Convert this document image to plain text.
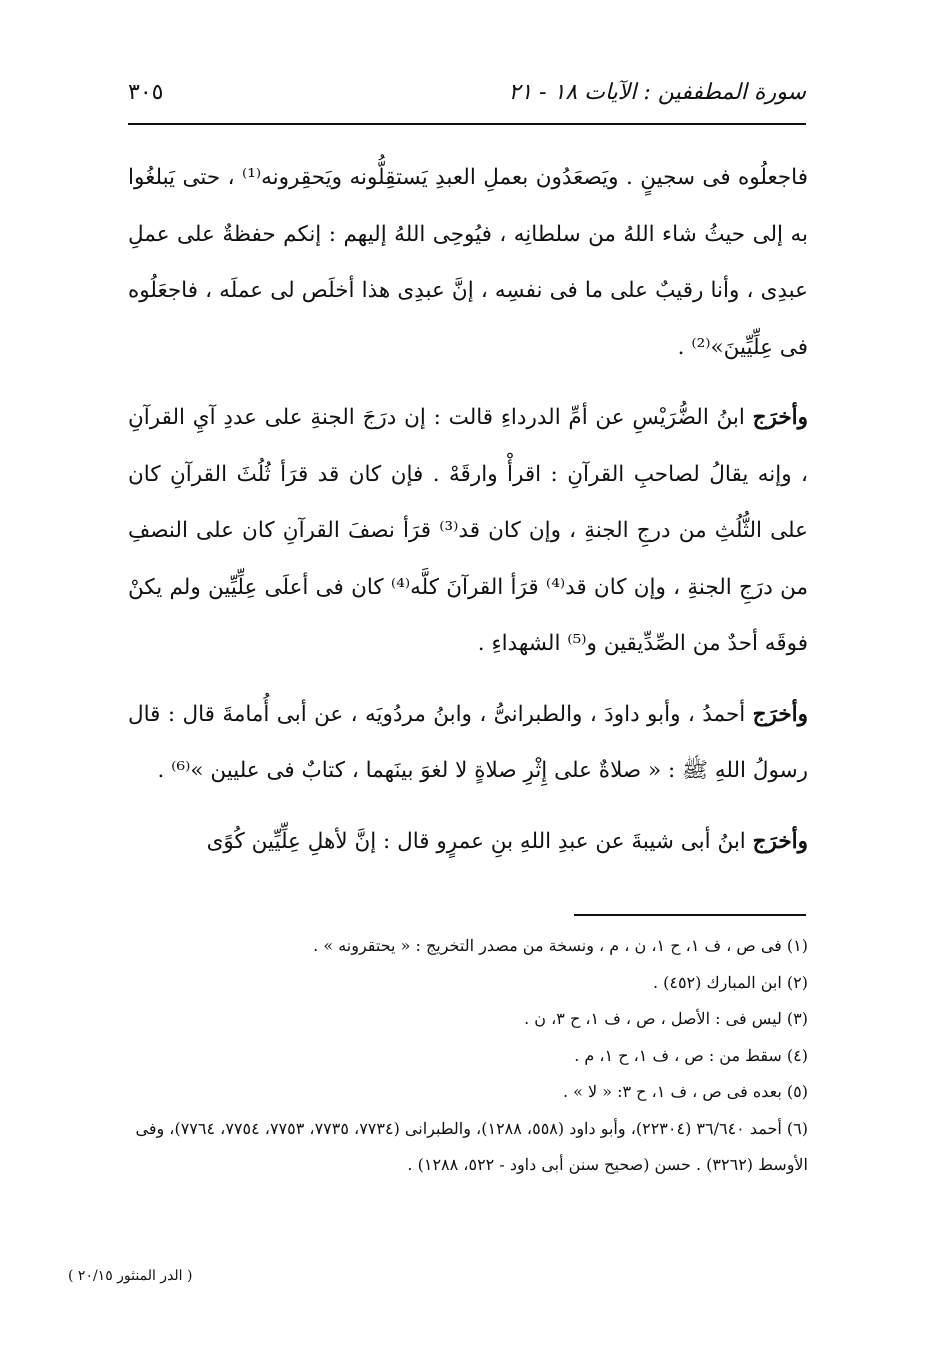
سورة المطففين : الآيات ١٨ - ٢١
٣٠٥

فاجعلُوه فى سجينٍ . ويَصعَدُون بعملِ العبدِ يَستقِلُّونه ويَحقِرونه⁽¹⁾ ، حتى يَبلغُوا به إلى حيثُ شاء اللهُ من سلطانِه ، فيُوحِى اللهُ إليهم : إنكم حفظةٌ على عملِ عبدِى ، وأنا رقيبٌ على ما فى نفسِه ، إنَّ عبدِى هذا أخلَص لى عملَه ، فاجعَلُوه فى عِلِّيِّينَ»⁽²⁾ .

وأخرَج ابنُ الضُّرَيْسِ عن أمِّ الدرداءِ قالت : إن درَجَ الجنةِ على عددِ آيِ القرآنِ ، وإنه يقالُ لصاحبِ القرآنِ : اقرأْ وارقَهْ . فإن كان قد قرَأ ثُلُثَ القرآنِ كان على الثُّلُثِ من درجِ الجنةِ ، وإن كان قد⁽³⁾ قرَأ نصفَ القرآنِ كان على النصفِ من درَجِ الجنةِ ، وإن كان قد⁽⁴⁾ قرَأ القرآنَ كلَّه⁽⁴⁾ كان فى أعلَى عِلِّيِّين ولم يكنْ فوقَه أحدٌ من الصِّدِّيقين و⁽⁵⁾ الشهداءِ .

وأخرَج أحمدُ ، وأبو داودَ ، والطبرانىُّ ، وابنُ مردُويَه ، عن أبى أُمامةَ قال : قال رسولُ اللهِ ﷺ : « صلاةٌ على إِثْرِ صلاةٍ لا لغوَ بينَهما ، كتابٌ فى عليين »⁽⁶⁾ .

وأخرَج ابنُ أبى شيبةَ عن عبدِ اللهِ بنِ عمرٍو قال : إنَّ لأهلِ عِلِّيِّين كُوًى

(١) فى ص ، ف ١، ح ١، ن ، م ، ونسخة من مصدر التخريج : « يحتقرونه » .

(٢) ابن المبارك (٤٥٢) .

(٣) ليس فى : الأصل ، ص ، ف ١، ح ٣، ن .

(٤) سقط من : ص ، ف ١، ح ١، م .

(٥) بعده فى ص ، ف ١، ح ٣: « لا » .

(٦) أحمد ٣٦/٦٤٠ (٢٢٣٠٤)، وأبو داود (٥٥٨، ١٢٨٨)، والطبرانى (٧٧٣٤، ٧٧٣٥، ٧٧٥٣، ٧٧٥٤، ٧٧٦٤)، وفى الأوسط (٣٢٦٢) . حسن (صحيح سنن أبى داود - ٥٢٢، ١٢٨٨) .

( الدر المنثور ٢٠/١٥ )
